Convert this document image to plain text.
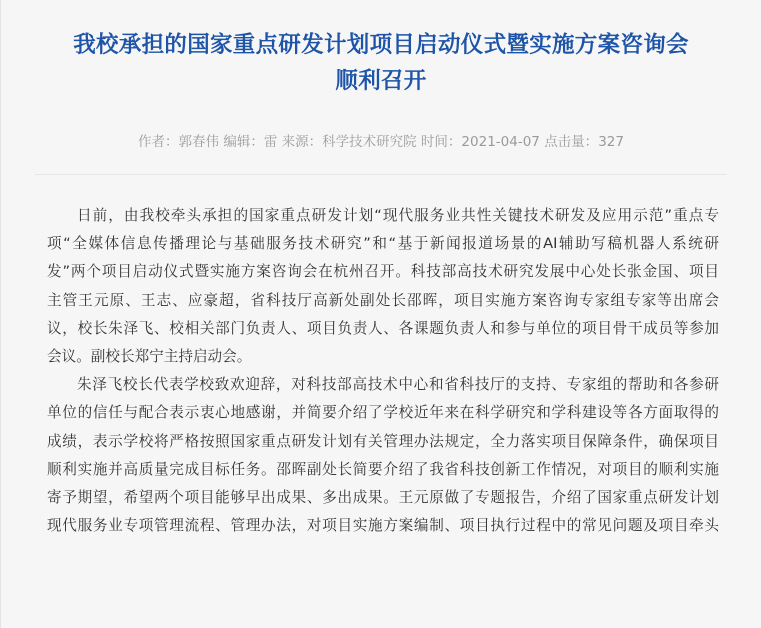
我校承担的国家重点研发计划项目启动仪式暨实施方案咨询会
顺利召开
作者：郭春伟 编辑：雷 来源：科学技术研究院 时间：2021-04-07 点击量：327
日前，由我校牵头承担的国家重点研发计划“现代服务业共性关键技术研发及应用示范”重点专
项“全媒体信息传播理论与基础服务技术研究”和“基于新闻报道场景的AI辅助写稿机器人系统研
发”两个项目启动仪式暨实施方案咨询会在杭州召开。科技部高技术研究发展中心处长张金国、项目
主管王元原、王志、应豪超，省科技厅高新处副处长邵晖，项目实施方案咨询专家组专家等出席会
议，校长朱泽飞、校相关部门负责人、项目负责人、各课题负责人和参与单位的项目骨干成员等参加
会议。副校长郑宁主持启动会。
朱泽飞校长代表学校致欢迎辞，对科技部高技术中心和省科技厅的支持、专家组的帮助和各参研
单位的信任与配合表示衷心地感谢，并简要介绍了学校近年来在科学研究和学科建设等各方面取得的
成绩，表示学校将严格按照国家重点研发计划有关管理办法规定，全力落实项目保障条件，确保项目
顺利实施并高质量完成目标任务。邵晖副处长简要介绍了我省科技创新工作情况，对项目的顺利实施
寄予期望，希望两个项目能够早出成果、多出成果。王元原做了专题报告，介绍了国家重点研发计划
现代服务业专项管理流程、管理办法，对项目实施方案编制、项目执行过程中的常见问题及项目牵头
